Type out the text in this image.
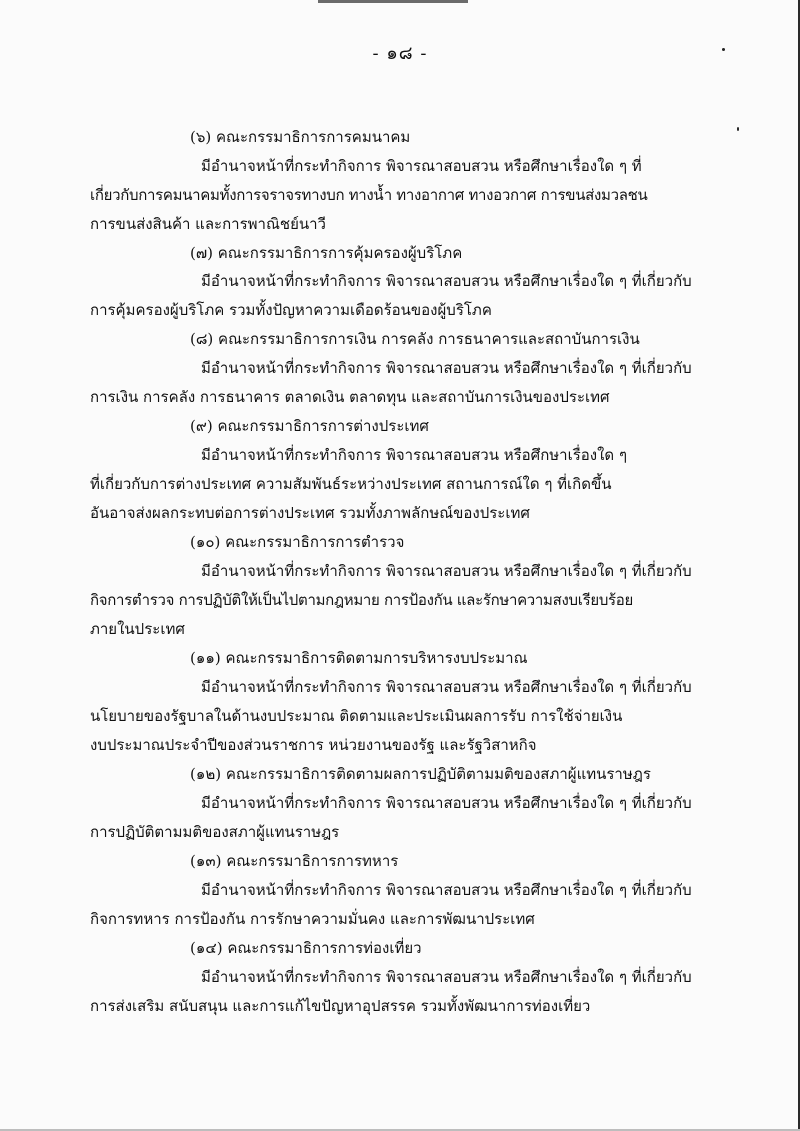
- ๑๘ -
(๖) คณะกรรมาธิการการคมนาคม
มีอำนาจหน้าที่กระทำกิจการ พิจารณาสอบสวน หรือศึกษาเรื่องใด ๆ ที่
เกี่ยวกับการคมนาคมทั้งการจราจรทางบก ทางน้ำ ทางอากาศ ทางอวกาศ การขนส่งมวลชน
การขนส่งสินค้า และการพาณิชย์นาวี
(๗) คณะกรรมาธิการการคุ้มครองผู้บริโภค
มีอำนาจหน้าที่กระทำกิจการ พิจารณาสอบสวน หรือศึกษาเรื่องใด ๆ ที่เกี่ยวกับ
การคุ้มครองผู้บริโภค รวมทั้งปัญหาความเดือดร้อนของผู้บริโภค
(๘) คณะกรรมาธิการการเงิน การคลัง การธนาคารและสถาบันการเงิน
มีอำนาจหน้าที่กระทำกิจการ พิจารณาสอบสวน หรือศึกษาเรื่องใด ๆ ที่เกี่ยวกับ
การเงิน การคลัง การธนาคาร ตลาดเงิน ตลาดทุน และสถาบันการเงินของประเทศ
(๙) คณะกรรมาธิการการต่างประเทศ
มีอำนาจหน้าที่กระทำกิจการ พิจารณาสอบสวน หรือศึกษาเรื่องใด ๆ
ที่เกี่ยวกับการต่างประเทศ ความสัมพันธ์ระหว่างประเทศ สถานการณ์ใด ๆ ที่เกิดขึ้น
อันอาจส่งผลกระทบต่อการต่างประเทศ รวมทั้งภาพลักษณ์ของประเทศ
(๑๐) คณะกรรมาธิการการตำรวจ
มีอำนาจหน้าที่กระทำกิจการ พิจารณาสอบสวน หรือศึกษาเรื่องใด ๆ ที่เกี่ยวกับ
กิจการตำรวจ การปฏิบัติให้เป็นไปตามกฎหมาย การป้องกัน และรักษาความสงบเรียบร้อย
ภายในประเทศ
(๑๑) คณะกรรมาธิการติดตามการบริหารงบประมาณ
มีอำนาจหน้าที่กระทำกิจการ พิจารณาสอบสวน หรือศึกษาเรื่องใด ๆ ที่เกี่ยวกับ
นโยบายของรัฐบาลในด้านงบประมาณ ติดตามและประเมินผลการรับ การใช้จ่ายเงิน
งบประมาณประจำปีของส่วนราชการ หน่วยงานของรัฐ และรัฐวิสาหกิจ
(๑๒) คณะกรรมาธิการติดตามผลการปฏิบัติตามมติของสภาผู้แทนราษฎร
มีอำนาจหน้าที่กระทำกิจการ พิจารณาสอบสวน หรือศึกษาเรื่องใด ๆ ที่เกี่ยวกับ
การปฏิบัติตามมติของสภาผู้แทนราษฎร
(๑๓) คณะกรรมาธิการการทหาร
มีอำนาจหน้าที่กระทำกิจการ พิจารณาสอบสวน หรือศึกษาเรื่องใด ๆ ที่เกี่ยวกับ
กิจการทหาร การป้องกัน การรักษาความมั่นคง และการพัฒนาประเทศ
(๑๔) คณะกรรมาธิการการท่องเที่ยว
มีอำนาจหน้าที่กระทำกิจการ พิจารณาสอบสวน หรือศึกษาเรื่องใด ๆ ที่เกี่ยวกับ
การส่งเสริม สนับสนุน และการแก้ไขปัญหาอุปสรรค รวมทั้งพัฒนาการท่องเที่ยว
